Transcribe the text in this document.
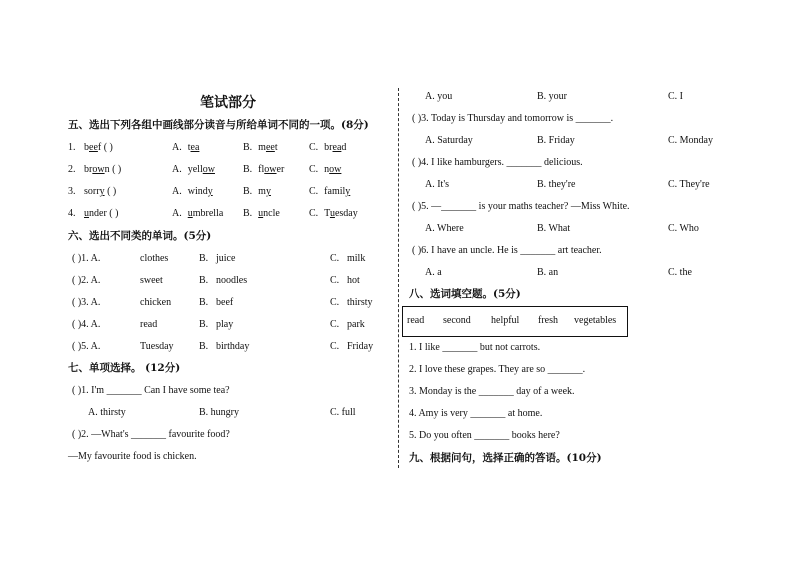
笔试部分
五、选出下列各组中画线部分读音与所给单词不同的一项。(8分)
1. beef ( )	A. tea	B. meet	C. bread
2. brown ( )	A. yellow	B. flower C. now
3. sorry ( )	A. windy	B. my	C. family
4. under ( )	A. umbrella B. uncle	C. Tuesday
六、选出不同类的单词。(5分)
( )1. A.	clothes	B. juice	C. milk
( )2. A.	sweet	B. noodles	C. hot
( )3. A.	chicken	B. beef	C. thirsty
( )4. A.	read	B. play	C. park
( )5. A.	Tuesday	B. birthday	C. Friday
七、单项选择。 (12分)
( )1. I'm _______ Can I have some tea?
A. thirsty	B. hungry	C. full
( )2. —What's _______ favourite food?
—My favourite food is chicken.
A. you	B. your	C. I
( )3. Today is Thursday and tomorrow is _______.
A. Saturday	B. Friday	C. Monday
( )4. I like hamburgers. _______ delicious.
A. It's	B. they're	C. They're
( )5. —_______ is your maths teacher? —Miss White.
A. Where	B. What	C. Who
( )6. I have an uncle. He is _______ art teacher.
A. a	B. an	C. the
八、选词填空题。(5分)
read second helpful fresh vegetables
1. I like _______ but not carrots.
2. I love these grapes. They are so _______.
3. Monday is the _______ day of a week.
4. Amy is very _______ at home.
5. Do you often _______ books here?
九、根据问句，选择正确的答语。(10分)
